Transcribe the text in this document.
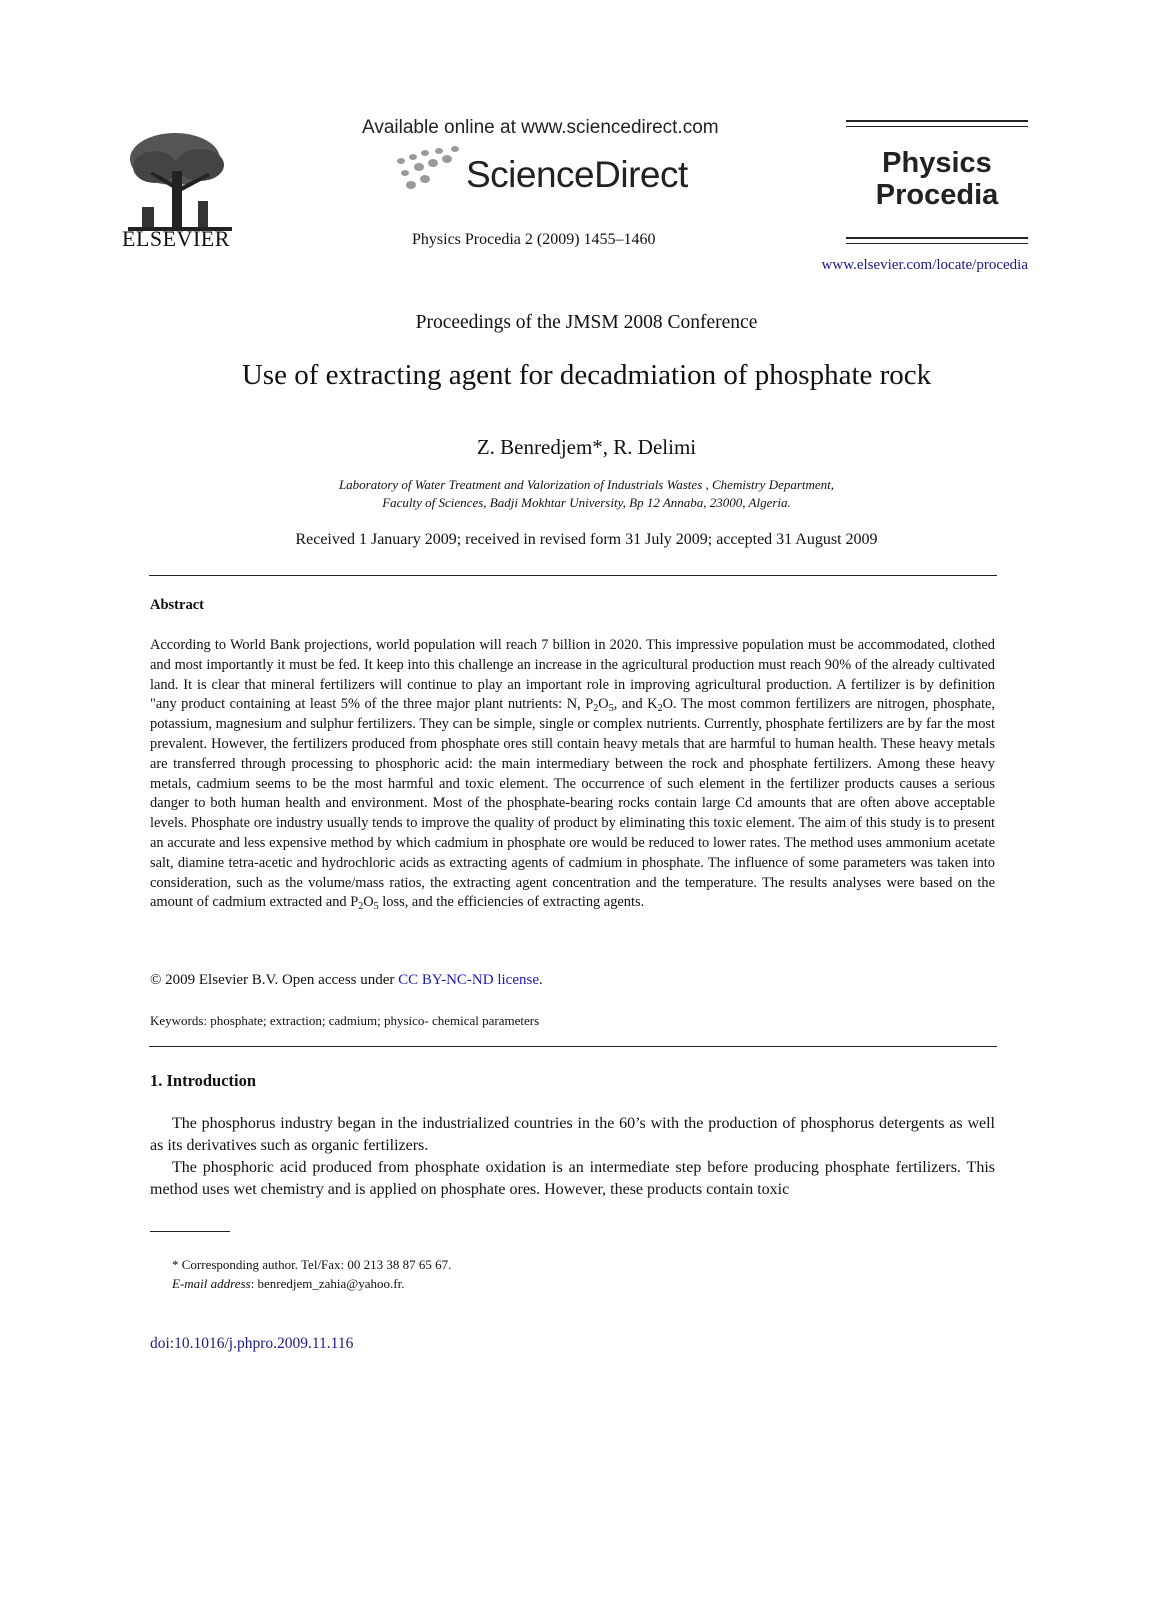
ELSEVIER
Available online at www.sciencedirect.com
ScienceDirect
Physics Procedia 2 (2009) 1455–1460
Physics
Procedia
www.elsevier.com/locate/procedia
Proceedings of the JMSM 2008 Conference
Use of extracting agent for decadmiation of phosphate rock
Z. Benredjem*, R. Delimi
Laboratory of Water Treatment and Valorization of Industrials Wastes , Chemistry Department,
Faculty of Sciences, Badji Mokhtar University, Bp 12 Annaba, 23000, Algeria.
Received 1 January 2009; received in revised form 31 July 2009; accepted 31 August 2009
Abstract
According to World Bank projections, world population will reach 7 billion in 2020. This impressive population must be accommodated, clothed and most importantly it must be fed. It keep into this challenge an increase in the agricultural production must reach 90% of the already cultivated land. It is clear that mineral fertilizers will continue to play an important role in improving agricultural production. A fertilizer is by definition "any product containing at least 5% of the three major plant nutrients: N, $P_2O_5$, and $K_2O$. The most common fertilizers are nitrogen, phosphate, potassium, magnesium and sulphur fertilizers. They can be simple, single or complex nutrients. Currently, phosphate fertilizers are by far the most prevalent. However, the fertilizers produced from phosphate ores still contain heavy metals that are harmful to human health. These heavy metals are transferred through processing to phosphoric acid: the main intermediary between the rock and phosphate fertilizers. Among these heavy metals, cadmium seems to be the most harmful and toxic element. The occurrence of such element in the fertilizer products causes a serious danger to both human health and environment. Most of the phosphate-bearing rocks contain large Cd amounts that are often above acceptable levels. Phosphate ore industry usually tends to improve the quality of product by eliminating this toxic element. The aim of this study is to present an accurate and less expensive method by which cadmium in phosphate ore would be reduced to lower rates. The method uses ammonium acetate salt, diamine tetra-acetic and hydrochloric acids as extracting agents of cadmium in phosphate. The influence of some parameters was taken into consideration, such as the volume/mass ratios, the extracting agent concentration and the temperature. The results analyses were based on the amount of cadmium extracted and $P_2O_5$ loss, and the efficiencies of extracting agents.
© 2009 Elsevier B.V. Open access under CC BY-NC-ND license.
Keywords: phosphate; extraction; cadmium; physico- chemical parameters
1. Introduction

The phosphorus industry began in the industrialized countries in the 60’s with the production of phosphorus detergents as well as its derivatives such as organic fertilizers.

The phosphoric acid produced from phosphate oxidation is an intermediate step before producing phosphate fertilizers. This method uses wet chemistry and is applied on phosphate ores. However, these products contain toxic

* Corresponding author. Tel/Fax: 00 213 38 87 65 67.
E-mail address: benredjem_zahia@yahoo.fr.
doi:10.1016/j.phpro.2009.11.116
